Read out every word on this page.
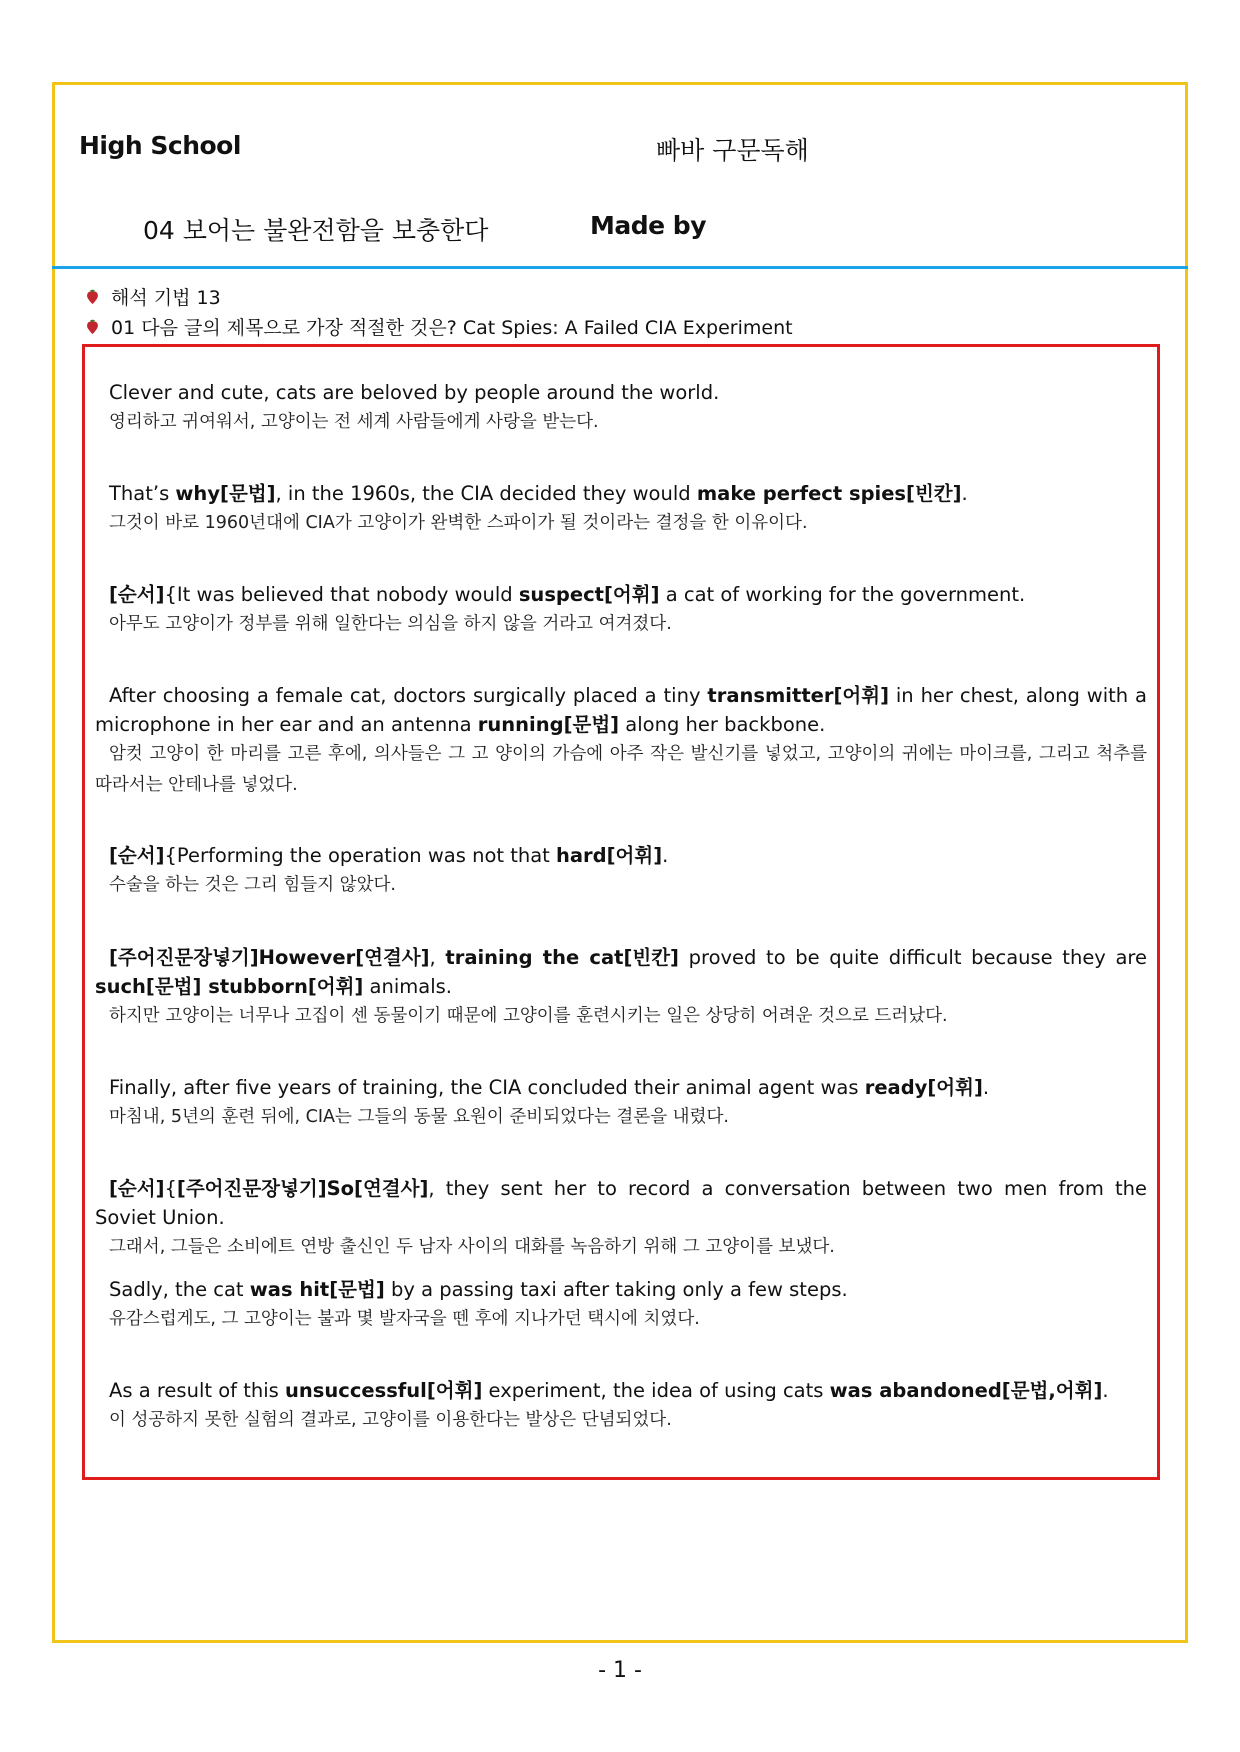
High School	빠바 구문독해
04 보어는 불완전함을 보충한다	Made by
해석 기법 13
01 다음 글의 제목으로 가장 적절한 것은? Cat Spies: A Failed CIA Experiment
Clever and cute, cats are beloved by people around the world.
영리하고 귀여워서, 고양이는 전 세계 사람들에게 사랑을 받는다.
That’s why[문법], in the 1960s, the CIA decided they would make perfect spies[빈칸].
그것이 바로 1960년대에 CIA가 고양이가 완벽한 스파이가 될 것이라는 결정을 한 이유이다.
[순서]{It was believed that nobody would suspect[어휘] a cat of working for the government.
아무도 고양이가 정부를 위해 일한다는 의심을 하지 않을 거라고 여겨졌다.
After choosing a female cat, doctors surgically placed a tiny transmitter[어휘] in her chest, along with a microphone in her ear and an antenna running[문법] along her backbone.
암컷 고양이 한 마리를 고른 후에, 의사들은 그 고 양이의 가슴에 아주 작은 발신기를 넣었고, 고양이의 귀에는 마이크를, 그리고 척추를 따라서는 안테나를 넣었다.
[순서]{Performing the operation was not that hard[어휘].
수술을 하는 것은 그리 힘들지 않았다.
[주어진문장넣기]However[연결사], training the cat[빈칸] proved to be quite difficult because they are such[문법] stubborn[어휘] animals.
하지만 고양이는 너무나 고집이 센 동물이기 때문에 고양이를 훈련시키는 일은 상당히 어려운 것으로 드러났다.
Finally, after five years of training, the CIA concluded their animal agent was ready[어휘].
마침내, 5년의 훈련 뒤에, CIA는 그들의 동물 요원이 준비되었다는 결론을 내렸다.
[순서]{[주어진문장넣기]So[연결사], they sent her to record a conversation between two men from the Soviet Union.
그래서, 그들은 소비에트 연방 출신인 두 남자 사이의 대화를 녹음하기 위해 그 고양이를 보냈다.
Sadly, the cat was hit[문법] by a passing taxi after taking only a few steps.
유감스럽게도, 그 고양이는 불과 몇 발자국을 뗀 후에 지나가던 택시에 치였다.
As a result of this unsuccessful[어휘] experiment, the idea of using cats was abandoned[문법,어휘].
이 성공하지 못한 실험의 결과로, 고양이를 이용한다는 발상은 단념되었다.
- 1 -
